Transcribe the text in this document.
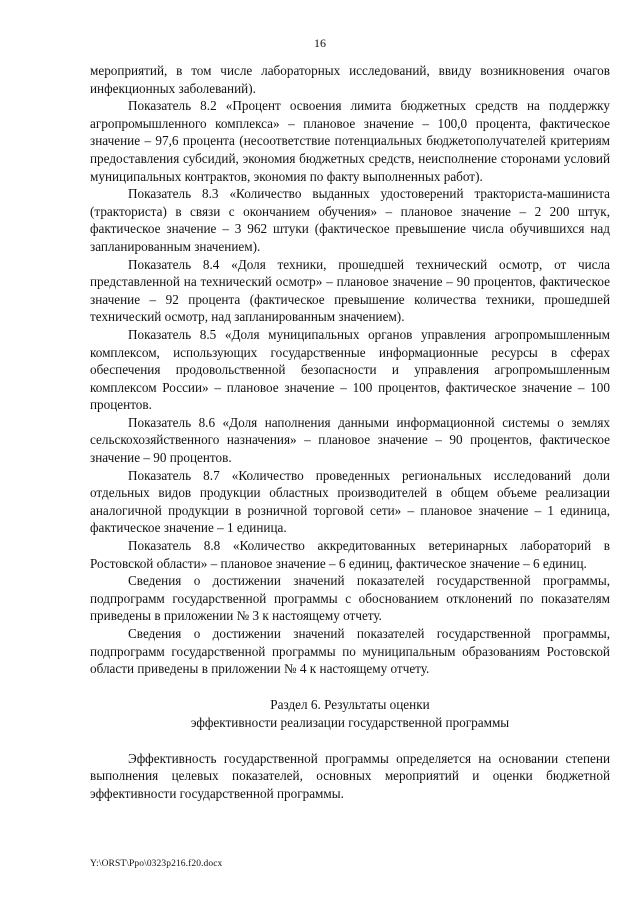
16

мероприятий, в том числе лабораторных исследований, ввиду возникновения очагов инфекционных заболеваний).

Показатель 8.2 «Процент освоения лимита бюджетных средств на поддержку агропромышленного комплекса» – плановое значение – 100,0 процента, фактическое значение – 97,6 процента (несоответствие потенциальных бюджетополучателей критериям предоставления субсидий, экономия бюджетных средств, неисполнение сторонами условий муниципальных контрактов, экономия по факту выполненных работ).

Показатель 8.3 «Количество выданных удостоверений тракториста-машиниста (тракториста) в связи с окончанием обучения» – плановое значение – 2 200 штук, фактическое значение – 3 962 штуки (фактическое превышение числа обучившихся над запланированным значением).

Показатель 8.4 «Доля техники, прошедшей технический осмотр, от числа представленной на технический осмотр» – плановое значение – 90 процентов, фактическое значение – 92 процента (фактическое превышение количества техники, прошедшей технический осмотр, над запланированным значением).

Показатель 8.5 «Доля муниципальных органов управления агропромышленным комплексом, использующих государственные информационные ресурсы в сферах обеспечения продовольственной безопасности и управления агропромышленным комплексом России» – плановое значение – 100 процентов, фактическое значение – 100 процентов.

Показатель 8.6 «Доля наполнения данными информационной системы о землях сельскохозяйственного назначения» – плановое значение – 90 процентов, фактическое значение – 90 процентов.

Показатель 8.7 «Количество проведенных региональных исследований доли отдельных видов продукции областных производителей в общем объеме реализации аналогичной продукции в розничной торговой сети» – плановое значение – 1 единица, фактическое значение – 1 единица.

Показатель 8.8 «Количество аккредитованных ветеринарных лабораторий в Ростовской области» – плановое значение – 6 единиц, фактическое значение – 6 единиц.

Сведения о достижении значений показателей государственной программы, подпрограмм государственной программы с обоснованием отклонений по показателям приведены в приложении № 3 к настоящему отчету.

Сведения о достижении значений показателей государственной программы, подпрограмм государственной программы по муниципальным образованиям Ростовской области приведены в приложении № 4 к настоящему отчету.

Раздел 6. Результаты оценки

эффективности реализации государственной программы

Эффективность государственной программы определяется на основании степени выполнения целевых показателей, основных мероприятий и оценки бюджетной эффективности государственной программы.

Y:\ORST\Ppo\0323p216.f20.docx
